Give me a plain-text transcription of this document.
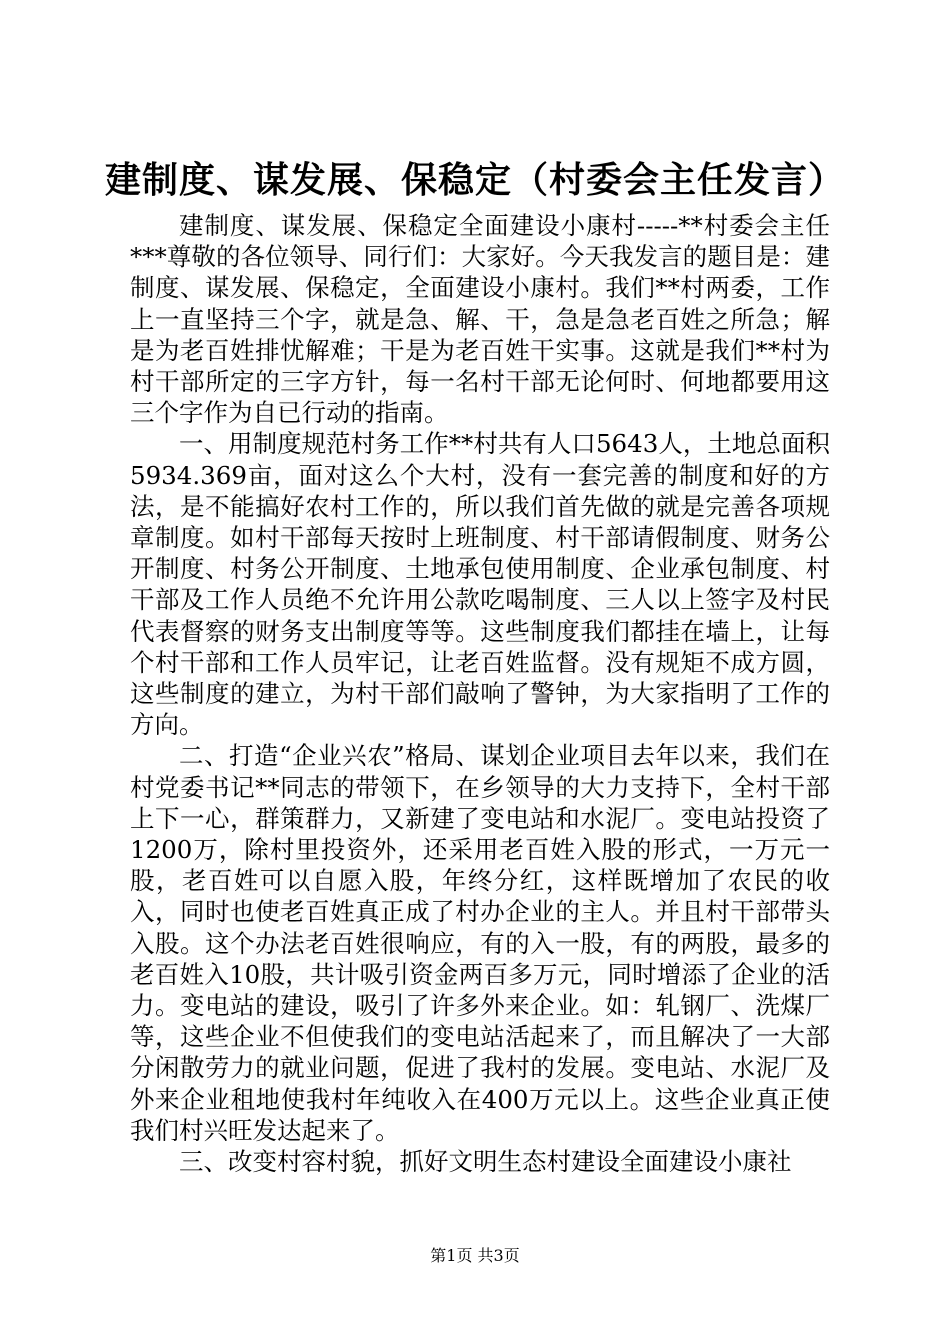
建制度、谋发展、保稳定（村委会主任发言）

建制度、谋发展、保稳定全面建设小康村-----**村委会主任***尊敬的各位领导、同行们：大家好。今天我发言的题目是：建制度、谋发展、保稳定，全面建设小康村。我们**村两委，工作上一直坚持三个字，就是急、解、干，急是急老百姓之所急；解是为老百姓排忧解难；干是为老百姓干实事。这就是我们**村为村干部所定的三字方针，每一名村干部无论何时、何地都要用这三个字作为自已行动的指南。

一、用制度规范村务工作**村共有人口5643人，土地总面积5934.369亩，面对这么个大村，没有一套完善的制度和好的方法，是不能搞好农村工作的，所以我们首先做的就是完善各项规章制度。如村干部每天按时上班制度、村干部请假制度、财务公开制度、村务公开制度、土地承包使用制度、企业承包制度、村干部及工作人员绝不允许用公款吃喝制度、三人以上签字及村民代表督察的财务支出制度等等。这些制度我们都挂在墙上，让每个村干部和工作人员牢记，让老百姓监督。没有规矩不成方圆，这些制度的建立，为村干部们敲响了警钟，为大家指明了工作的方向。

二、打造“企业兴农”格局、谋划企业项目去年以来，我们在村党委书记**同志的带领下，在乡领导的大力支持下，全村干部上下一心，群策群力，又新建了变电站和水泥厂。变电站投资了1200万，除村里投资外，还采用老百姓入股的形式，一万元一股，老百姓可以自愿入股，年终分红，这样既增加了农民的收入，同时也使老百姓真正成了村办企业的主人。并且村干部带头入股。这个办法老百姓很响应，有的入一股，有的两股，最多的老百姓入10股，共计吸引资金两百多万元，同时增添了企业的活力。变电站的建设，吸引了许多外来企业。如：轧钢厂、洗煤厂等，这些企业不但使我们的变电站活起来了，而且解决了一大部分闲散劳力的就业问题，促进了我村的发展。变电站、水泥厂及外来企业租地使我村年纯收入在400万元以上。这些企业真正使我们村兴旺发达起来了。

三、改变村容村貌，抓好文明生态村建设全面建设小康社

第1页 共3页
